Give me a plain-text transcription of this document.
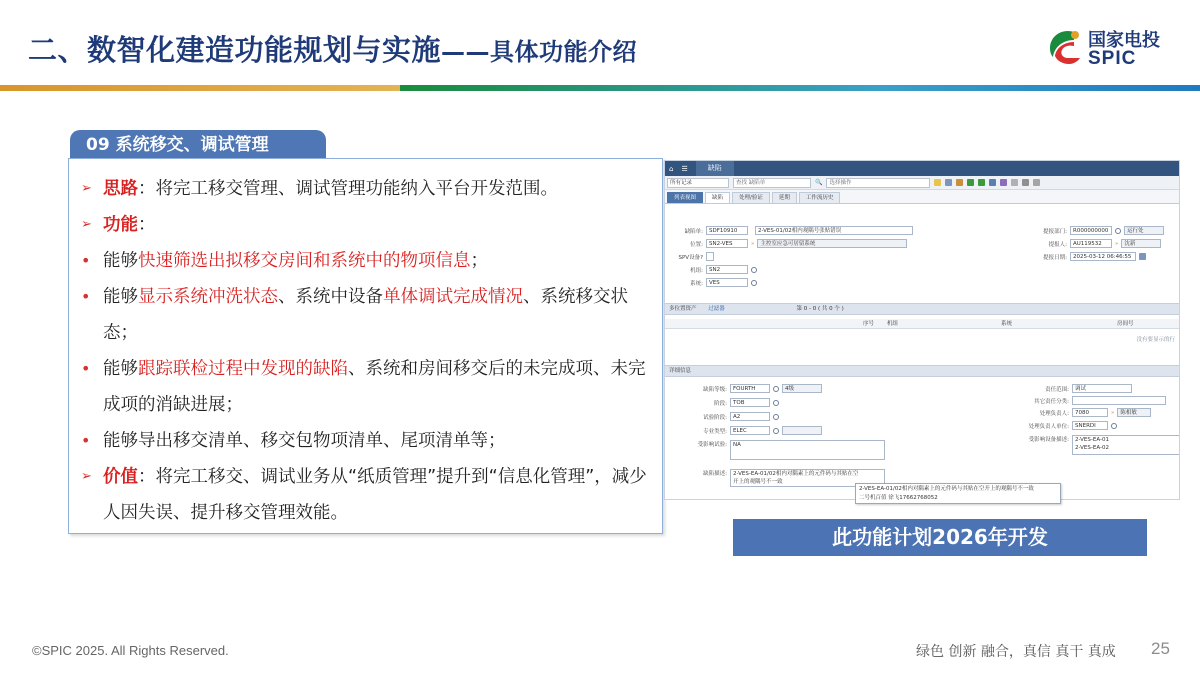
二、数智化建造功能规划与实施——具体功能介绍	国家电投
SPIC
09 系统移交、调试管理
➢ 思路：将完工移交管理、调试管理功能纳入平台开发范围。
➢ 功能：
• 能够快速筛选出拟移交房间和系统中的物项信息；
• 能够显示系统冲洗状态、系统中设备单体调试完成情况、系统移交状态；
• 能够跟踪联检过程中发现的缺陷、系统和房间移交后的未完成项、未完成项的消缺进展；
• 能够导出移交清单、移交包物项清单、尾项清单等；
➢ 价值：将完工移交、调试业务从“纸质管理”提升到“信息化管理”，减少人因失误、提升移交管理效能。
⌂ ☰	缺陷
所有记录	查找 缺陷单	🔍	选择操作
列表视图	缺陷	处理/验证	延期	工作流历史
缺陷单:	SDF10910	2-VES-01/02相内观隅号张贴错误
位置:	SN2-VES	»	主控室应急可居留系统
SPV设备?
机组:	SN2
系统:	VES
提报部门:	R000000000	运行处
提报人:	AU119532	»	沈新
提报日期:	2025-03-12 06:46:55
多位置资产 过滤器	第 0 - 0 ( 共 0 个 )
序号 机组	系统	房间号
没有要显示的行
详细信息
缺陷等级:	FOURTH	4级
阶段:	TOB
试验阶段:	A2
专业类型:	ELEC
受影响试验:	NA
缺陷描述:	2-VES-EA-01/02相内对隅素上的元件码与其贴在空
开上的观隅号不一致
责任范围:	调试
其它责任分类:
处理负责人:	7080	»	陈相敏
处理负责人单位:	SNERDI
受影响设备描述:	2-VES-EA-01
2-VES-EA-02
2-VES-EA-01/02相内对隅素上的元件码与其贴在空开上的观隅号不一致
二号机百值 徐飞17662768052
此功能计划2026年开发
©SPIC 2025. All Rights Reserved.	绿色 创新 融合，真信 真干 真成 25
